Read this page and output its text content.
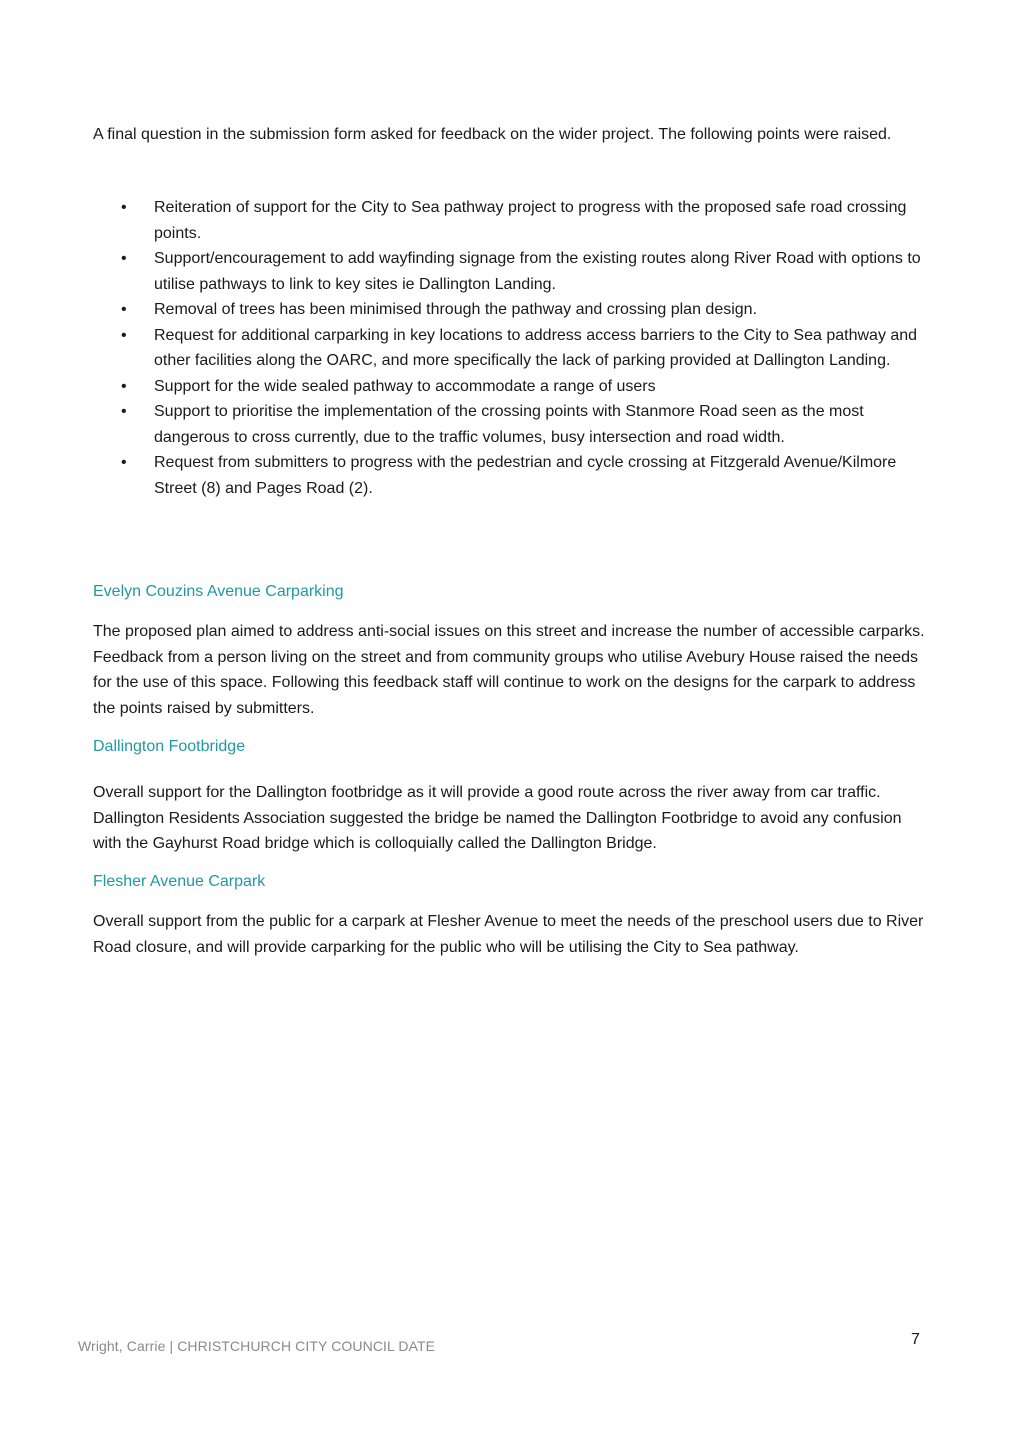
A final question in the submission form asked for feedback on the wider project. The following points were raised.

• Reiteration of support for the City to Sea pathway project to progress with the proposed safe road crossing points.
• Support/encouragement to add wayfinding signage from the existing routes along River Road with options to utilise pathways to link to key sites ie Dallington Landing.
• Removal of trees has been minimised through the pathway and crossing plan design.
• Request for additional carparking in key locations to address access barriers to the City to Sea pathway and other facilities along the OARC, and more specifically the lack of parking provided at Dallington Landing.
• Support for the wide sealed pathway to accommodate a range of users
• Support to prioritise the implementation of the crossing points with Stanmore Road seen as the most dangerous to cross currently, due to the traffic volumes, busy intersection and road width.
• Request from submitters to progress with the pedestrian and cycle crossing at Fitzgerald Avenue/Kilmore Street (8) and Pages Road (2).
Evelyn Couzins Avenue Carparking

The proposed plan aimed to address anti-social issues on this street and increase the number of accessible carparks. Feedback from a person living on the street and from community groups who utilise Avebury House raised the needs for the use of this space. Following this feedback staff will continue to work on the designs for the carpark to address the points raised by submitters.

Dallington Footbridge

Overall support for the Dallington footbridge as it will provide a good route across the river away from car traffic. Dallington Residents Association suggested the bridge be named the Dallington Footbridge to avoid any confusion with the Gayhurst Road bridge which is colloquially called the Dallington Bridge.

Flesher Avenue Carpark

Overall support from the public for a carpark at Flesher Avenue to meet the needs of the preschool users due to River Road closure, and will provide carparking for the public who will be utilising the City to Sea pathway.

Wright, Carrie | CHRISTCHURCH CITY COUNCIL DATE	7
